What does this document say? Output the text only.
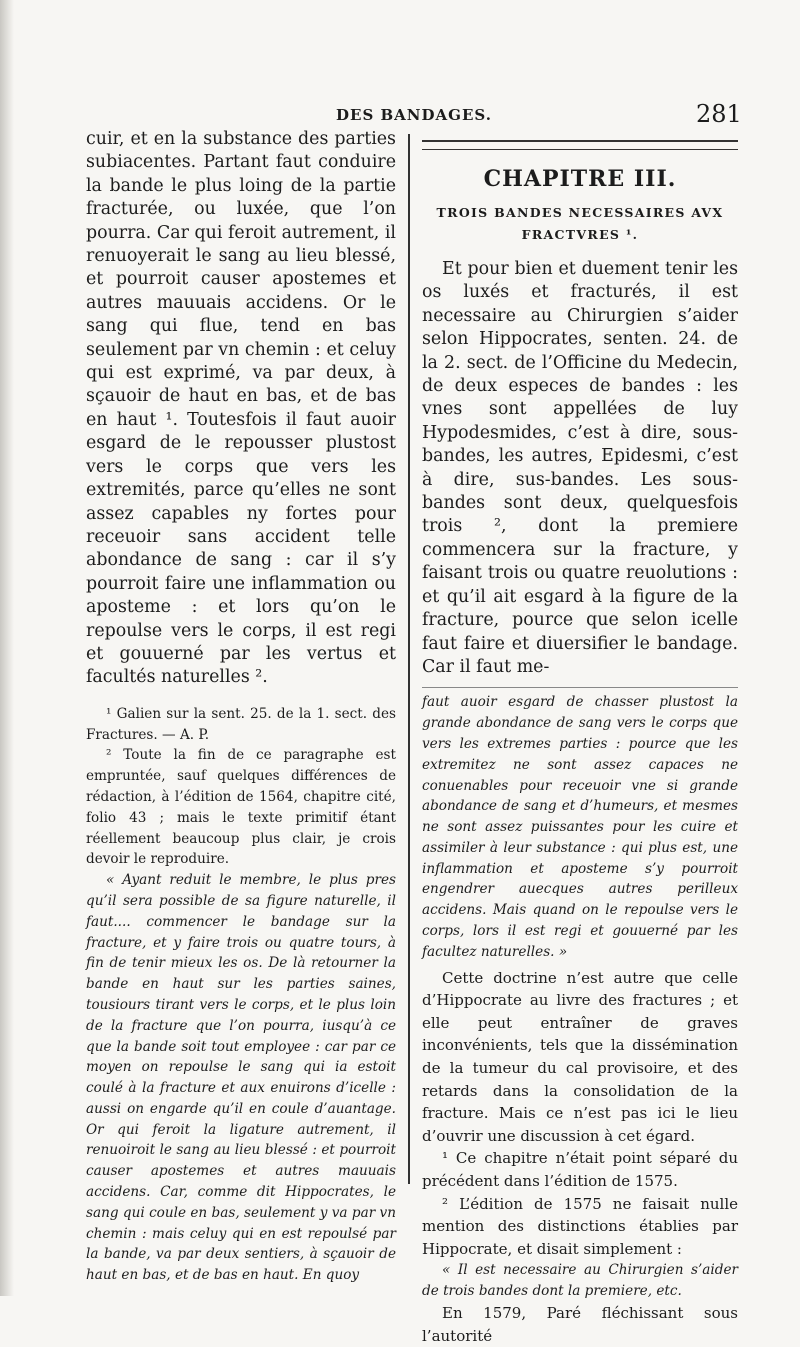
DES BANDAGES.	281

cuir, et en la substance des parties subiacentes. Partant faut conduire la bande le plus loing de la partie fracturée, ou luxée, que l’on pourra. Car qui feroit autrement, il renuoyerait le sang au lieu blessé, et pourroit causer apostemes et autres mauuais accidens. Or le sang qui flue, tend en bas seulement par vn chemin : et celuy qui est exprimé, va par deux, à sçauoir de haut en bas, et de bas en haut ¹. Toutesfois il faut auoir esgard de le repousser plustost vers le corps que vers les extremités, parce qu’elles ne sont assez capables ny fortes pour receuoir sans accident telle abondance de sang : car il s’y pourroit faire une inflammation ou aposteme : et lors qu’on le repoulse vers le corps, il est regi et gouuerné par les vertus et facultés naturelles ².

¹ Galien sur la sent. 25. de la 1. sect. des Fractures. — A. P.

² Toute la fin de ce paragraphe est empruntée, sauf quelques différences de rédaction, à l’édition de 1564, chapitre cité, folio 43 ; mais le texte primitif étant réellement beaucoup plus clair, je crois devoir le reproduire.

« Ayant reduit le membre, le plus pres qu’il sera possible de sa figure naturelle, il faut.... commencer le bandage sur la fracture, et y faire trois ou quatre tours, à fin de tenir mieux les os. De là retourner la bande en haut sur les parties saines, tousiours tirant vers le corps, et le plus loin de la fracture que l’on pourra, iusqu’à ce que la bande soit tout employee : car par ce moyen on repoulse le sang qui ia estoit coulé à la fracture et aux enuirons d’icelle : aussi on engarde qu’il en coule d’auantage. Or qui feroit la ligature autrement, il renuoiroit le sang au lieu blessé : et pourroit causer apostemes et autres mauuais accidens. Car, comme dit Hippocrates, le sang qui coule en bas, seulement y va par vn chemin : mais celuy qui en est repoulsé par la bande, va par deux sentiers, à sçauoir de haut en bas, et de bas en haut. En quoy

CHAPITRE III.
TROIS BANDES NECESSAIRES AVX FRACTVRES ¹.

Et pour bien et duement tenir les os luxés et fracturés, il est necessaire au Chirurgien s’aider selon Hippocrates, senten. 24. de la 2. sect. de l’Officine du Medecin, de deux especes de bandes : les vnes sont appellées de luy Hypodesmides, c’est à dire, sous-bandes, les autres, Epidesmi, c’est à dire, sus-bandes. Les sous-bandes sont deux, quelquesfois trois ², dont la premiere commencera sur la fracture, y faisant trois ou quatre reuolutions : et qu’il ait esgard à la figure de la fracture, pource que selon icelle faut faire et diuersifier le bandage. Car il faut me-

faut auoir esgard de chasser plustost la grande abondance de sang vers le corps que vers les extremes parties : pource que les extremitez ne sont assez capaces ne conuenables pour receuoir vne si grande abondance de sang et d’humeurs, et mesmes ne sont assez puissantes pour les cuire et assimiler à leur substance : qui plus est, une inflammation et aposteme s’y pourroit engendrer auecques autres perilleux accidens. Mais quand on le repoulse vers le corps, lors il est regi et gouuerné par les facultez naturelles. »

Cette doctrine n’est autre que celle d’Hippocrate au livre des fractures ; et elle peut entraîner de graves inconvénients, tels que la dissémination de la tumeur du cal provisoire, et des retards dans la consolidation de la fracture. Mais ce n’est pas ici le lieu d’ouvrir une discussion à cet égard.

¹ Ce chapitre n’était point séparé du précédent dans l’édition de 1575.

² L’édition de 1575 ne faisait nulle mention des distinctions établies par Hippocrate, et disait simplement :

« Il est necessaire au Chirurgien s’aider de trois bandes dont la premiere, etc.

En 1579, Paré fléchissant sous l’autorité
